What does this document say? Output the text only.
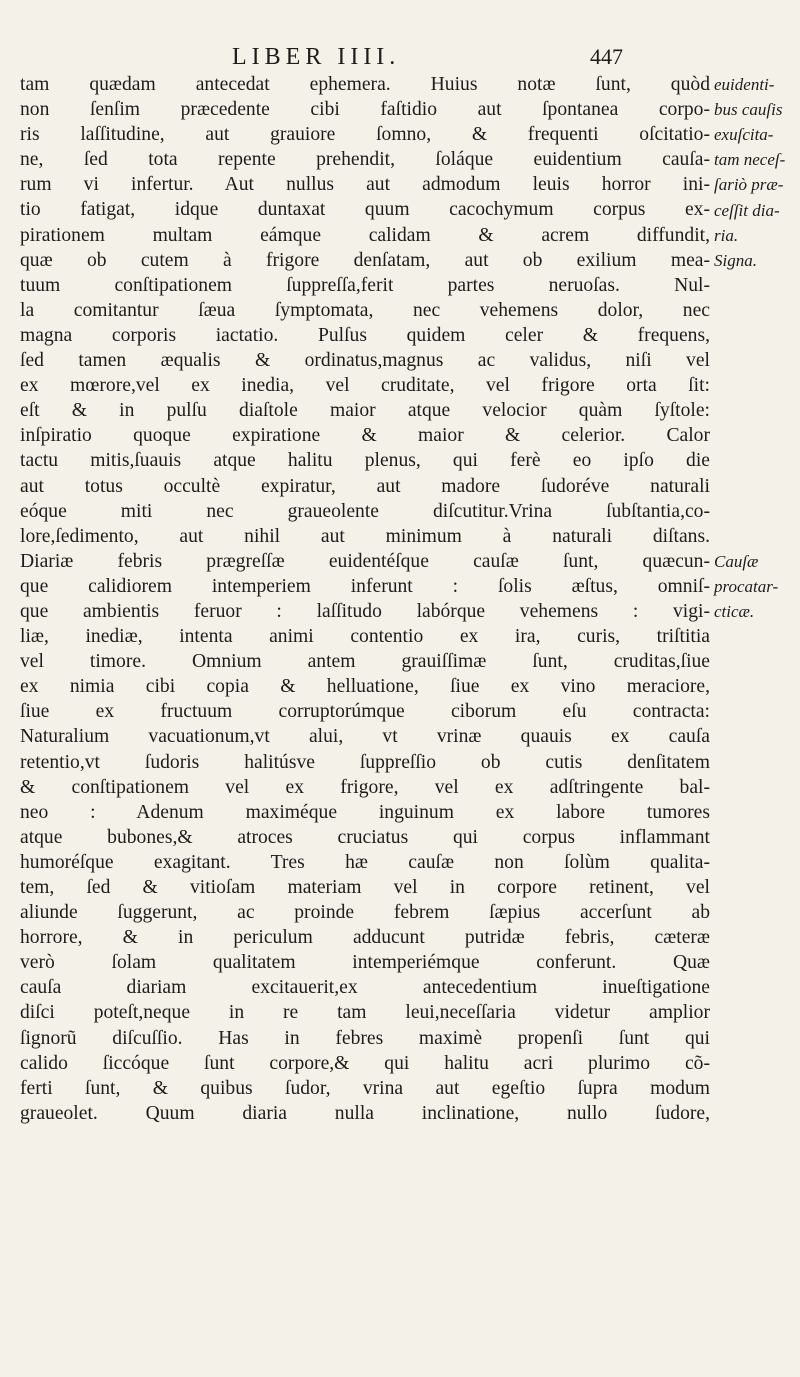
LIBER IIII.	447
tam quædam antecedat ephemera. Huius notæ ſunt, quòd
non ſenſim præcedente cibi faſtidio aut ſpontanea corpo-
ris laſſitudine, aut grauiore ſomno, & frequenti oſcitatio-
ne, ſed tota repente prehendit, ſoláque euidentium cauſa-
rum vi infertur. Aut nullus aut admodum leuis horror ini-
tio fatigat, idque duntaxat quum cacochymum corpus ex-
pirationem multam eámque calidam & acrem diffundit,
quæ ob cutem à frigore denſatam, aut ob exilium mea-
tuum conſtipationem ſuppreſſa,ferit partes neruoſas. Nul-
la comitantur ſæua ſymptomata, nec vehemens dolor, nec
magna corporis iactatio. Pulſus quidem celer & frequens,
ſed tamen æqualis & ordinatus,magnus ac validus, niſi vel
ex mœrore,vel ex inedia, vel cruditate, vel frigore orta ſit:
eſt & in pulſu diaſtole maior atque velocior quàm ſyſtole:
inſpiratio quoque expiratione & maior & celerior. Calor
tactu mitis,ſuauis atque halitu plenus, qui ferè eo ipſo die
aut totus occultè expiratur, aut madore ſudoréve naturali
eóque miti nec graueolente diſcutitur.Vrina ſubſtantia,co-
lore,ſedimento, aut nihil aut minimum à naturali diſtans.
Diariæ febris prægreſſæ euidentéſque cauſæ ſunt, quæcun-
que calidiorem intemperiem inferunt : ſolis æſtus, omniſ-
que ambientis feruor : laſſitudo labórque vehemens : vigi-
liæ, inediæ, intenta animi contentio ex ira, curis, triſtitia
vel timore. Omnium antem grauiſſimæ ſunt, cruditas,ſiue
ex nimia cibi copia & helluatione, ſiue ex vino meraciore,
ſiue ex fructuum corruptorúmque ciborum eſu contracta:
Naturalium vacuationum,vt alui, vt vrinæ quauis ex cauſa
retentio,vt ſudoris halitúsve ſuppreſſio ob cutis denſitatem
& conſtipationem vel ex frigore, vel ex adſtringente bal-
neo : Adenum maximéque inguinum ex labore tumores
atque bubones,& atroces cruciatus qui corpus inflammant
humoréſque exagitant. Tres hæ cauſæ non ſolùm qualita-
tem, ſed & vitioſam materiam vel in corpore retinent, vel
aliunde ſuggerunt, ac proinde febrem ſæpius accerſunt ab
horrore, & in periculum adducunt putridæ febris, cæteræ
verò ſolam qualitatem intemperiémque conferunt. Quæ
cauſa diariam excitauerit,ex antecedentium inueſtigatione
diſci poteſt,neque in re tam leui,neceſſaria videtur amplior
ſignorũ diſcuſſio. Has in febres maximè propenſi ſunt qui
calido ſiccóque ſunt corpore,& qui halitu acri plurimo cõ-
ferti ſunt, & quibus ſudor, vrina aut egeſtio ſupra modum
graueolet. Quum diaria nulla inclinatione, nullo ſudore,
euidenti-
bus cauſis
exuſcita-
tam neceſ-
ſariò præ-
ceſſit dia-
ria.
Signa.
Cauſæ
procatar-
cticæ.
